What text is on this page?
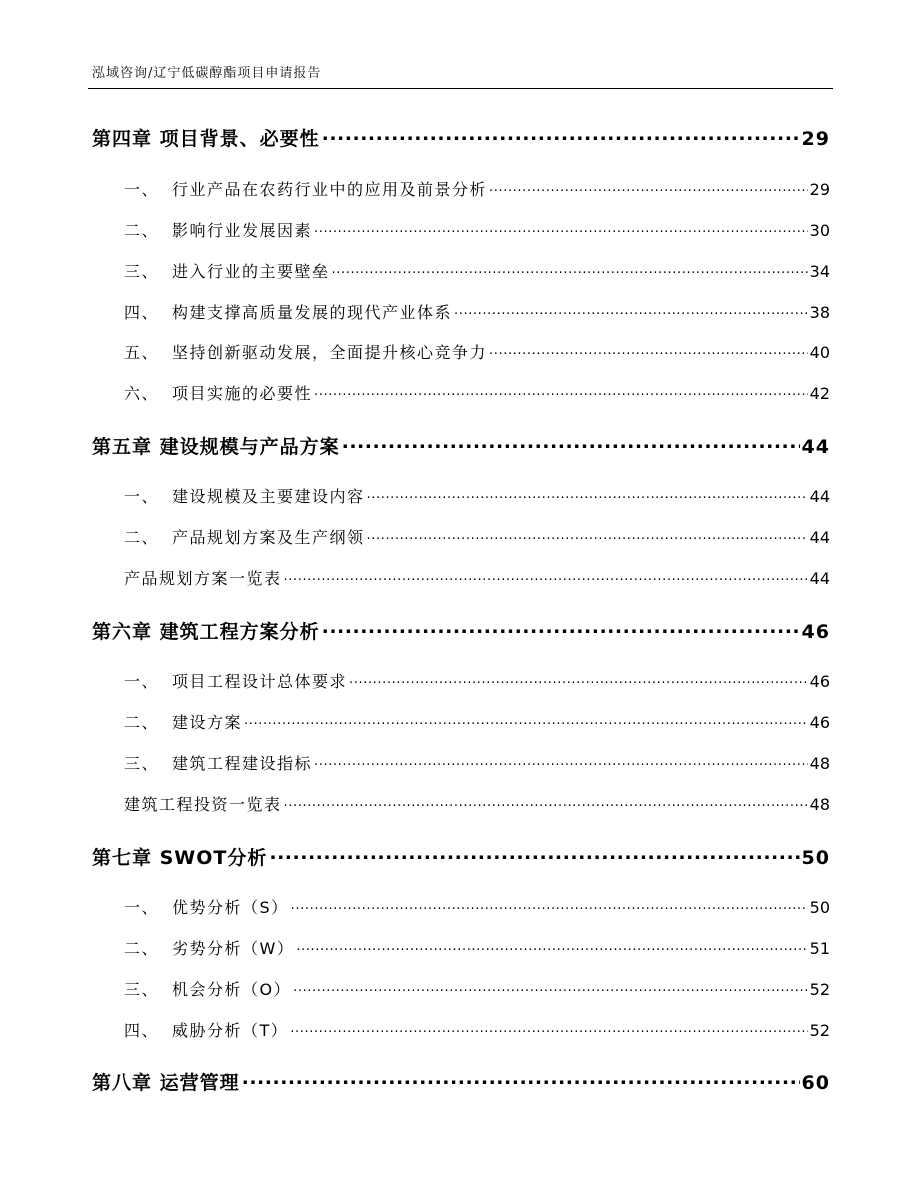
泓域咨询/辽宁低碳醇酯项目申请报告
第四章 项目背景、必要性 .....	29
一、 行业产品在农药行业中的应用及前景分析 .....	29
二、 影响行业发展因素 .....	30
三、 进入行业的主要壁垒 .....	34
四、 构建支撑高质量发展的现代产业体系 .....	38
五、 坚持创新驱动发展，全面提升核心竞争力 .....	40
六、 项目实施的必要性 .....	42
第五章 建设规模与产品方案 .....	44
一、 建设规模及主要建设内容 .....	44
二、 产品规划方案及生产纲领 .....	44
产品规划方案一览表 .....	44
第六章 建筑工程方案分析 .....	46
一、 项目工程设计总体要求 .....	46
二、 建设方案 .....	46
三、 建筑工程建设指标 .....	48
建筑工程投资一览表 .....	48
第七章 SWOT分析 .....	50
一、 优势分析（S） .....	50
二、 劣势分析（W） .....	51
三、 机会分析（O） .....	52
四、 威胁分析（T） .....	52
第八章 运营管理 .....	60
